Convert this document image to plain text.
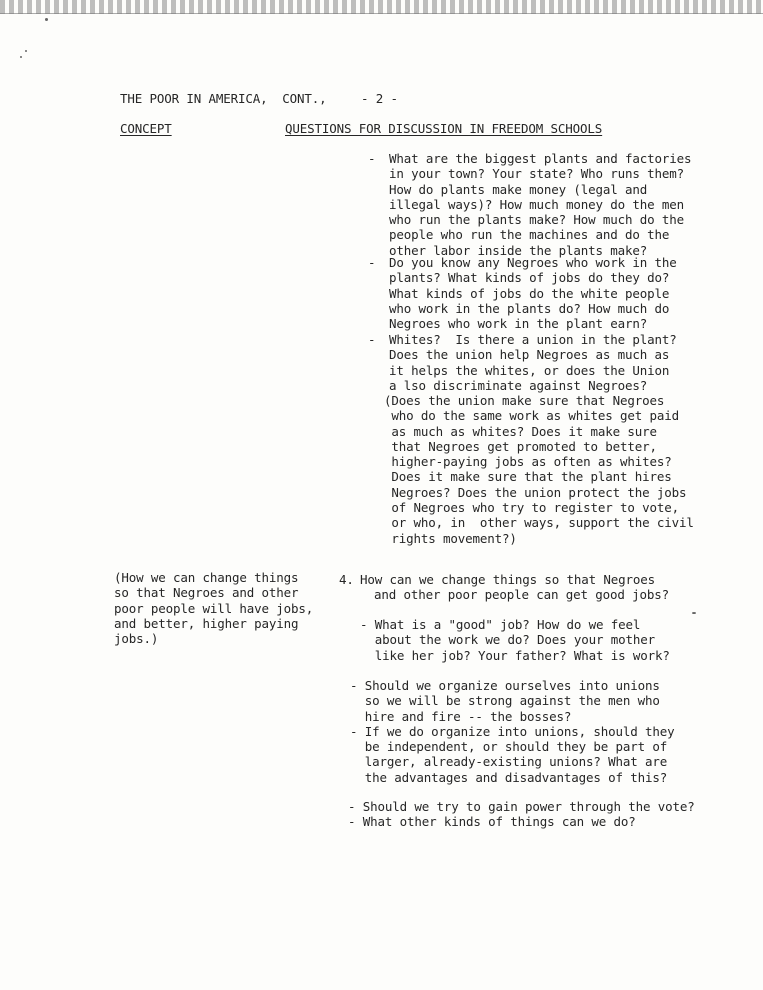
THE POOR IN AMERICA,  CONT.,	- 2 -
CONCEPT	QUESTIONS FOR DISCUSSION IN FREEDOM SCHOOLS
- What are the biggest plants and factories
in your town? Your state? Who runs them?
How do plants make money (legal and
illegal ways)? How much money do the men
who run the plants make? How much do the
people who run the machines and do the
other labor inside the plants make?
- Do you know any Negroes who work in the
plants? What kinds of jobs do they do?
What kinds of jobs do the white people
who work in the plants do? How much do
Negroes who work in the plant earn?
- Whites?  Is there a union in the plant?
Does the union help Negroes as much as
it helps the whites, or does the Union
a lso discriminate against Negroes?
(Does the union make sure that Negroes
who do the same work as whites get paid
as much as whites? Does it make sure
that Negroes get promoted to better,
higher-paying jobs as often as whites?
Does it make sure that the plant hires
Negroes? Does the union protect the jobs
of Negroes who try to register to vote,
or who, in  other ways, support the civil
rights movement?)
(How we can change things
so that Negroes and other
poor people will have jobs,
and better, higher paying
jobs.)
4. How can we change things so that Negroes
and other poor people can get good jobs?
- What is a "good" job? How do we feel
about the work we do? Does your mother
like her job? Your father? What is work?
- Should we organize ourselves into unions
so we will be strong against the men who
hire and fire -- the bosses?
- If we do organize into unions, should they
be independent, or should they be part of
larger, already-existing unions? What are
the advantages and disadvantages of this?
- Should we try to gain power through the vote?
- What other kinds of things can we do?
